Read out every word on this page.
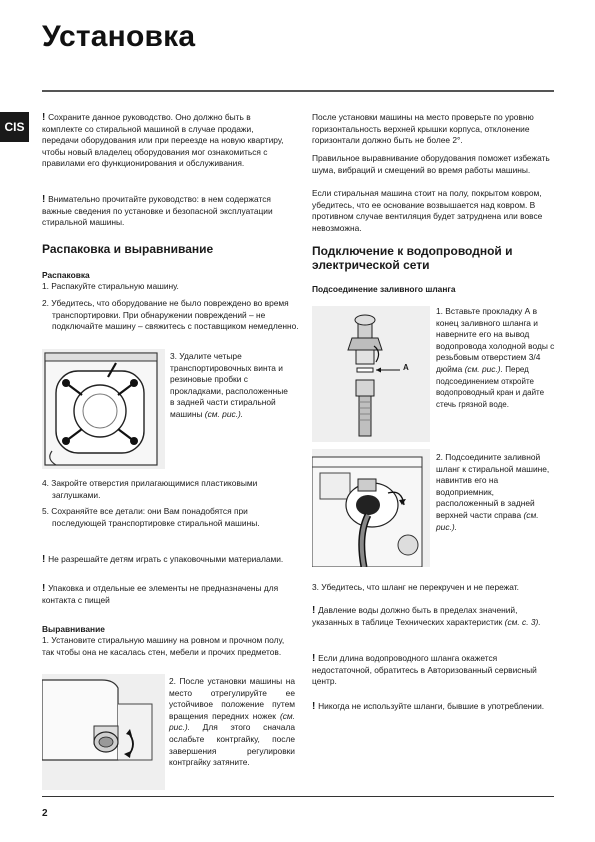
Установка
CIS

! Сохраните данное руководство. Оно должно быть в комплекте со стиральной машиной в случае продажи, передачи оборудования или при переезде на новую квартиру, чтобы новый владелец оборудования мог ознакомиться с правилами его функционирования и обслуживания.

! Внимательно прочитайте руководство: в нем содержатся важные сведения по установке и безопасной эксплуатации стиральной машины.

Распаковка и выравнивание

Распаковка

1. Распакуйте стиральную машину.

2. Убедитесь, что оборудование не было повреждено во время транспортировки. При обнаружении повреждений – не подключайте машину – свяжитесь с поставщиком немедленно.

3. Удалите четыре транспортировочных винта и резиновые пробки с прокладками, расположенные в задней части стиральной машины (см. рис.).

4. Закройте отверстия прилагающимися пластиковыми заглушками.

5. Сохраняйте все детали: они Вам понадобятся при последующей транспортировке стиральной машины.

! Не разрешайте детям играть с упаковочными материалами.

! Упаковка и отдельные ее элементы не предназначены для контакта с пищей

Выравнивание

1. Установите стиральную машину на ровном и прочном полу, так чтобы она не касалась стен, мебели и прочих предметов.

2. После установки машины на место отрегулируйте ее устойчивое положение путем вращения передних ножек (см. рис.). Для этого сначала ослабьте контргайку, после завершения регулировки контргайку затяните.

После установки машины на место проверьте по уровню горизонтальность верхней крышки корпуса, отклонение горизонтали должно быть не более 2°.

Правильное выравнивание оборудования поможет избежать шума, вибраций и смещений во время работы машины.

Если стиральная машина стоит на полу, покрытом ковром, убедитесь, что ее основание возвышается над ковром. В противном случае вентиляция будет затруднена или вовсе невозможна.

Подключение к водопроводной и электрической сети

Подсоединение заливного шланга

A
1. Вставьте прокладку А в конец заливного шланга и наверните его на вывод водопровода холодной воды с резьбовым отверстием 3/4 дюйма (см. рис.). Перед подсоединением откройте водопроводный кран и дайте стечь грязной воде.
2. Подсоедините заливной шланг к стиральной машине, навинтив его на водоприемник, расположенный в задней верхней части справа (см. рис.).

3. Убедитесь, что шланг не перекручен и не пережат.

! Давление воды должно быть в пределах значений, указанных в таблице Технических характеристик (см. с. 3).

! Если длина водопроводного шланга окажется недостаточной, обратитесь в Авторизованный сервисный центр.

! Никогда не используйте шланги, бывшие в употреблении.

2
